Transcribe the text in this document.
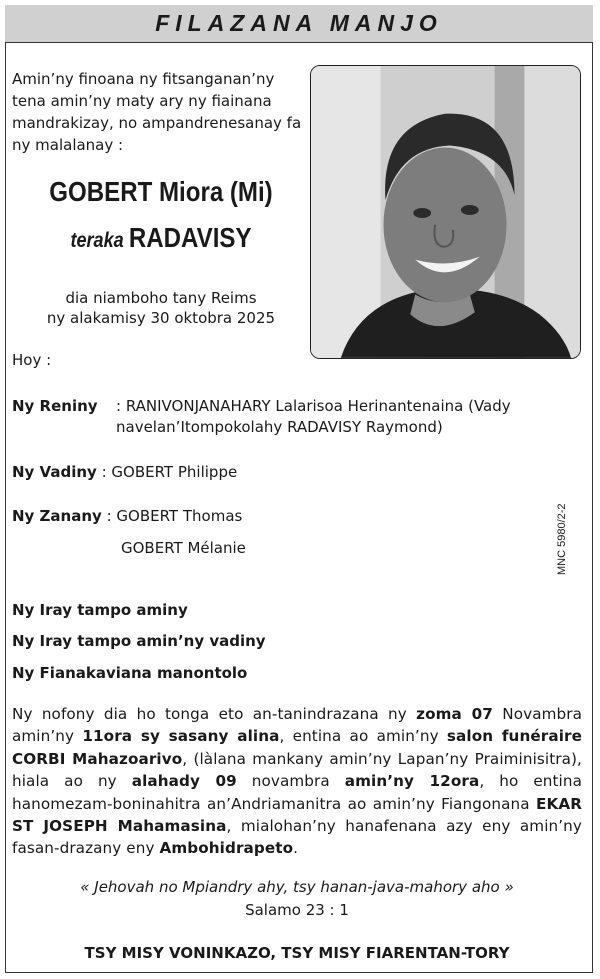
FILAZANA MANJO
Amin’ny finoana ny fitsanganan’ny tena amin’ny maty ary ny fiainana mandrakizay, no ampandrenesanay fa ny malalanay :
GOBERT Miora (Mi)
teraka RADAVISY
dia niamboho tany Reims
ny alakamisy 30 oktobra 2025
Hoy :
Ny Reniny : RANIVONJANAHARY Lalarisoa Herinantenaina (Vady navelan’Itompokolahy RADAVISY Raymond)
Ny Vadiny : GOBERT Philippe
Ny Zanany : GOBERT Thomas
GOBERT Mélanie	MNC 5980/2-2
Ny Iray tampo aminy
Ny Iray tampo amin’ny vadiny
Ny Fianakaviana manontolo
Ny nofony dia ho tonga eto an-tanindrazana ny zoma 07 Novambra amin’ny 11ora sy sasany alina, entina ao amin’ny salon funéraire CORBI Mahazoarivo, (làlana mankany amin’ny Lapan’ny Praiminisitra), hiala ao ny alahady 09 novambra amin’ny 12ora, ho entina hanomezam-boninahitra an’Andriamanitra ao amin’ny Fiangonana EKAR ST JOSEPH Mahamasina, mialohan’ny hanafenana azy eny amin’ny fasan-drazany eny Ambohidrapeto.
« Jehovah no Mpiandry ahy, tsy hanan-java-mahory aho »
Salamo 23 : 1
TSY MISY VONINKAZO, TSY MISY FIARENTAN-TORY
